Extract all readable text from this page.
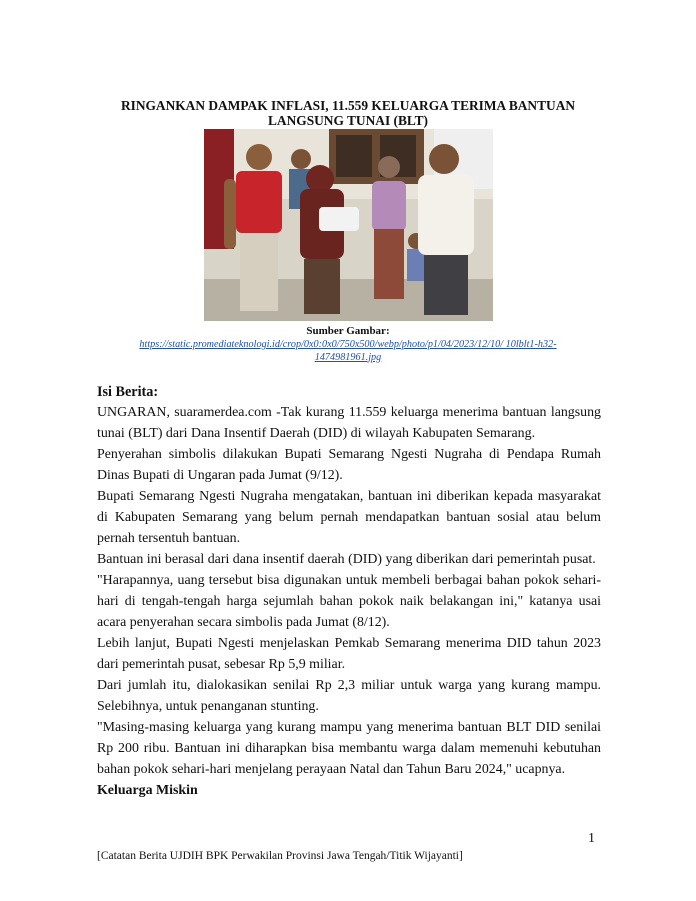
RINGANKAN DAMPAK INFLASI, 11.559 KELUARGA TERIMA BANTUAN LANGSUNG TUNAI (BLT)
Sumber Gambar:
https://static.promediateknologi.id/crop/0x0:0x0/750x500/webp/photo/p1/04/2023/12/10/ 10lblt1-h32-1474981961.jpg
Isi Berita:

UNGARAN, suaramerdea.com -Tak kurang 11.559 keluarga menerima bantuan langsung tunai (BLT) dari Dana Insentif Daerah (DID) di wilayah Kabupaten Semarang.

Penyerahan simbolis dilakukan Bupati Semarang Ngesti Nugraha di Pendapa Rumah Dinas Bupati di Ungaran pada Jumat (9/12).

Bupati Semarang Ngesti Nugraha mengatakan, bantuan ini diberikan kepada masyarakat di Kabupaten Semarang yang belum pernah mendapatkan bantuan sosial atau belum pernah tersentuh bantuan.

Bantuan ini berasal dari dana insentif daerah (DID) yang diberikan dari pemerintah pusat.

"Harapannya, uang tersebut bisa digunakan untuk membeli berbagai bahan pokok sehari-hari di tengah-tengah harga sejumlah bahan pokok naik belakangan ini," katanya usai acara penyerahan secara simbolis pada Jumat (8/12).

Lebih lanjut, Bupati Ngesti menjelaskan Pemkab Semarang menerima DID tahun 2023 dari pemerintah pusat, sebesar Rp 5,9 miliar.

Dari jumlah itu, dialokasikan senilai Rp 2,3 miliar untuk warga yang kurang mampu. Selebihnya, untuk penanganan stunting.

"Masing-masing keluarga yang kurang mampu yang menerima bantuan BLT DID senilai Rp 200 ribu. Bantuan ini diharapkan bisa membantu warga dalam memenuhi kebutuhan bahan pokok sehari-hari menjelang perayaan Natal dan Tahun Baru 2024," ucapnya.

Keluarga Miskin

1
[Catatan Berita UJDIH BPK Perwakilan Provinsi Jawa Tengah/Titik Wijayanti]
